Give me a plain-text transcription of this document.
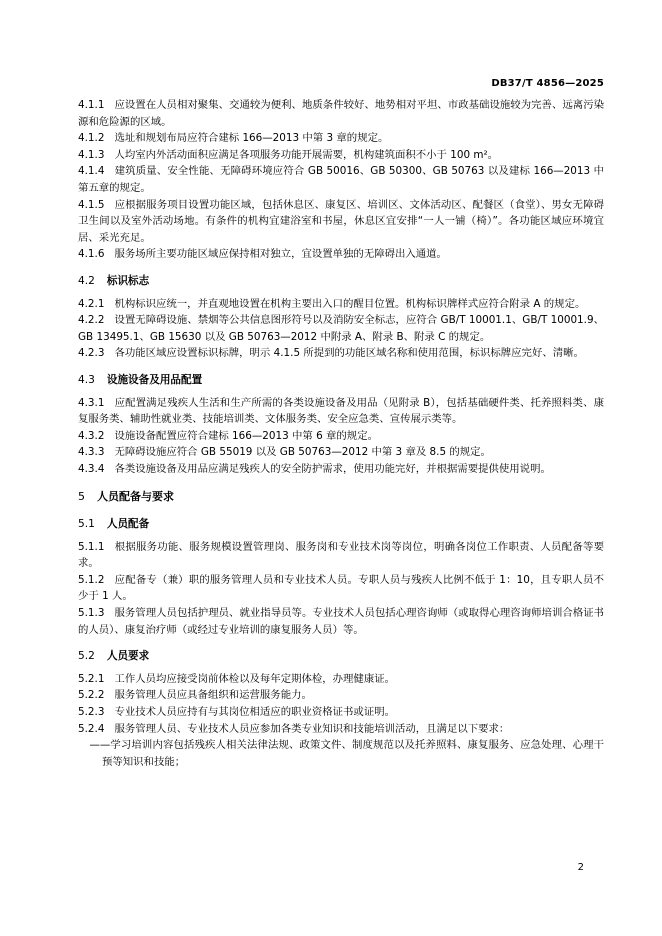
DB37/T 4856—2025

4.1.1 应设置在人员相对聚集、交通较为便利、地质条件较好、地势相对平坦、市政基础设施较为完善、远离污染源和危险源的区域。

4.1.2 选址和规划布局应符合建标 166—2013 中第 3 章的规定。

4.1.3 人均室内外活动面积应满足各项服务功能开展需要，机构建筑面积不小于 100 m²。

4.1.4 建筑质量、安全性能、无障碍环境应符合 GB 50016、GB 50300、GB 50763 以及建标 166—2013 中第五章的规定。

4.1.5 应根据服务项目设置功能区域，包括休息区、康复区、培训区、文体活动区、配餐区（食堂）、男女无障碍卫生间以及室外活动场地。有条件的机构宜建浴室和书屋，休息区宜安排“一人一铺（椅）”。各功能区域应环境宜居、采光充足。

4.1.6 服务场所主要功能区域应保持相对独立，宜设置单独的无障碍出入通道。

4.2 标识标志

4.2.1 机构标识应统一，并直观地设置在机构主要出入口的醒目位置。机构标识牌样式应符合附录 A 的规定。

4.2.2 设置无障碍设施、禁烟等公共信息图形符号以及消防安全标志，应符合 GB/T 10001.1、GB/T 10001.9、GB 13495.1、GB 15630 以及 GB 50763—2012 中附录 A、附录 B、附录 C 的规定。

4.2.3 各功能区域应设置标识标牌，明示 4.1.5 所提到的功能区域名称和使用范围，标识标牌应完好、清晰。

4.3 设施设备及用品配置

4.3.1 应配置满足残疾人生活和生产所需的各类设施设备及用品（见附录 B），包括基础硬件类、托养照料类、康复服务类、辅助性就业类、技能培训类、文体服务类、安全应急类、宣传展示类等。

4.3.2 设施设备配置应符合建标 166—2013 中第 6 章的规定。

4.3.3 无障碍设施应符合 GB 55019 以及 GB 50763—2012 中第 3 章及 8.5 的规定。

4.3.4 各类设施设备及用品应满足残疾人的安全防护需求，使用功能完好，并根据需要提供使用说明。

5 人员配备与要求
5.1 人员配备

5.1.1 根据服务功能、服务规模设置管理岗、服务岗和专业技术岗等岗位，明确各岗位工作职责、人员配备等要求。

5.1.2 应配备专（兼）职的服务管理人员和专业技术人员。专职人员与残疾人比例不低于 1：10，且专职人员不少于 1 人。

5.1.3 服务管理人员包括护理员、就业指导员等。专业技术人员包括心理咨询师（或取得心理咨询师培训合格证书的人员）、康复治疗师（或经过专业培训的康复服务人员）等。

5.2 人员要求

5.2.1 工作人员均应接受岗前体检以及每年定期体检，办理健康证。

5.2.2 服务管理人员应具备组织和运营服务能力。

5.2.3 专业技术人员应持有与其岗位相适应的职业资格证书或证明。

5.2.4 服务管理人员、专业技术人员应参加各类专业知识和技能培训活动，且满足以下要求：

——学习培训内容包括残疾人相关法律法规、政策文件、制度规范以及托养照料、康复服务、应急处理、心理干预等知识和技能；

2
